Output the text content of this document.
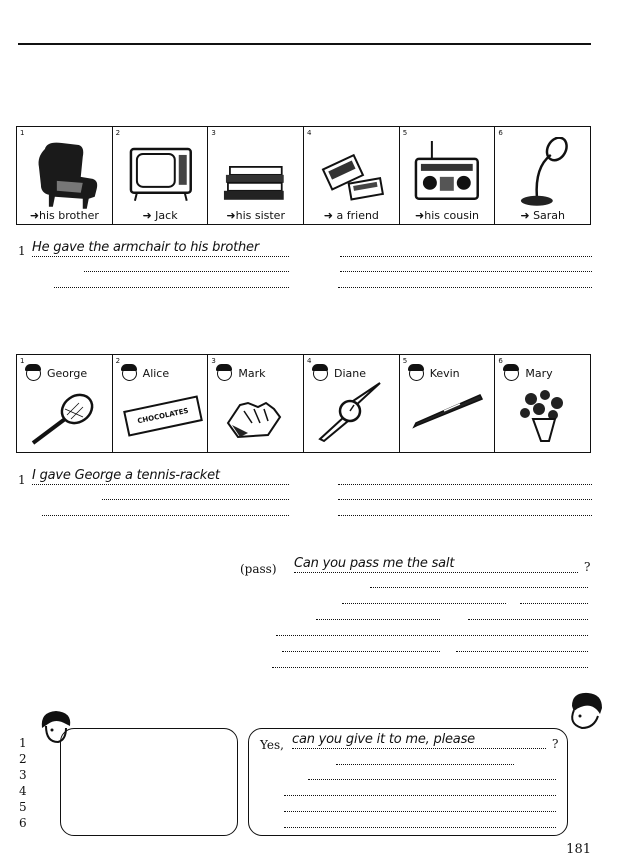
1
➜his brother
2
➜ Jack
3
➜his sister
4
➜ a friend
5
➜his cousin
6
➜ Sarah
1 He gave the armchair to his brother
1
George
2
Alice
CHOCOLATES
3
Mark
4
Diane
5
Kevin
6
Mary
1 I gave George a tennis-racket
(pass) Can you pass me the salt	?
1
2
3
4
5
6
Yes, can you give it to me, please	?
181
